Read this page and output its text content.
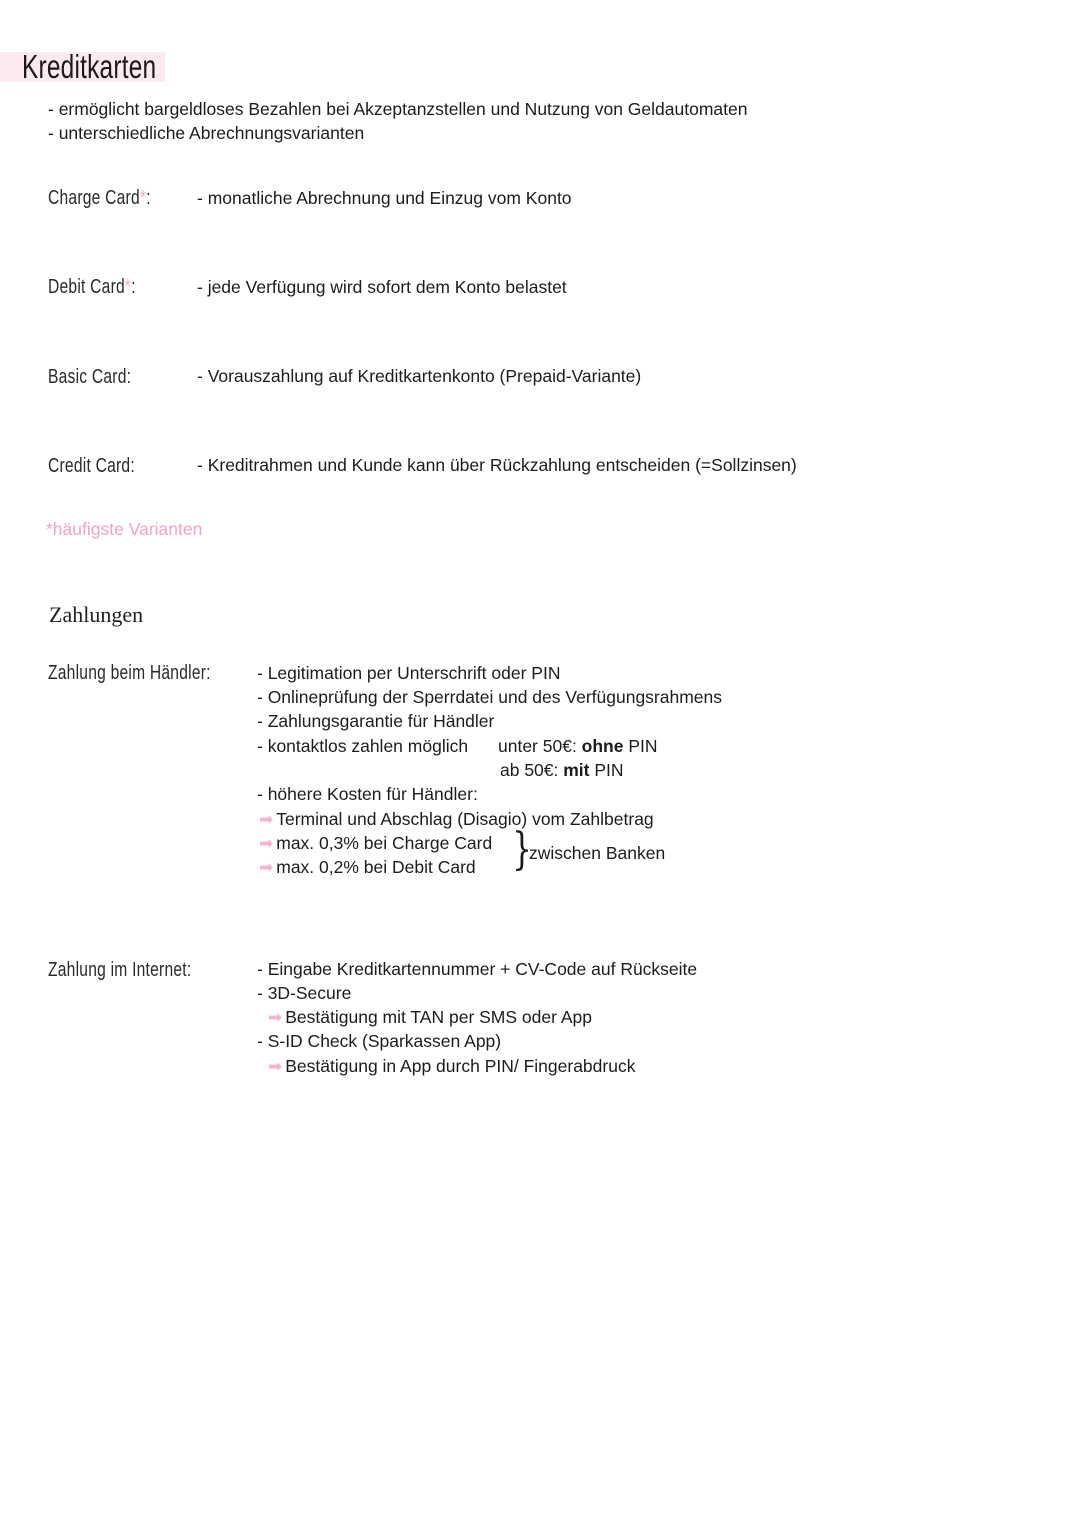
Kreditkarten
- ermöglicht bargeldloses Bezahlen bei Akzeptanzstellen und Nutzung von Geldautomaten
- unterschiedliche Abrechnungsvarianten
Charge Card*:	- monatliche Abrechnung und Einzug vom Konto
Debit Card*:	- jede Verfügung wird sofort dem Konto belastet
Basic Card:	- Vorauszahlung auf Kreditkartenkonto (Prepaid-Variante)
Credit Card:	- Kreditrahmen und Kunde kann über Rückzahlung entscheiden (=Sollzinsen)
*häufigste Varianten
Zahlungen
Zahlung beim Händler:	- Legitimation per Unterschrift oder PIN
- Onlineprüfung der Sperrdatei und des Verfügungsrahmens
- Zahlungsgarantie für Händler
- kontaktlos zahlen möglich unter 50€: ohne PIN
ab 50€: mit PIN
- höhere Kosten für Händler:
➡ Terminal und Abschlag (Disagio) vom Zahlbetrag
➡ max. 0,3% bei Charge Card
➡ max. 0,2% bei Debit Card }
zwischen Banken
Zahlung im Internet:	- Eingabe Kreditkartennummer + CV-Code auf Rückseite
- 3D-Secure
➡ Bestätigung mit TAN per SMS oder App
- S-ID Check (Sparkassen App)
➡ Bestätigung in App durch PIN/ Fingerabdruck
